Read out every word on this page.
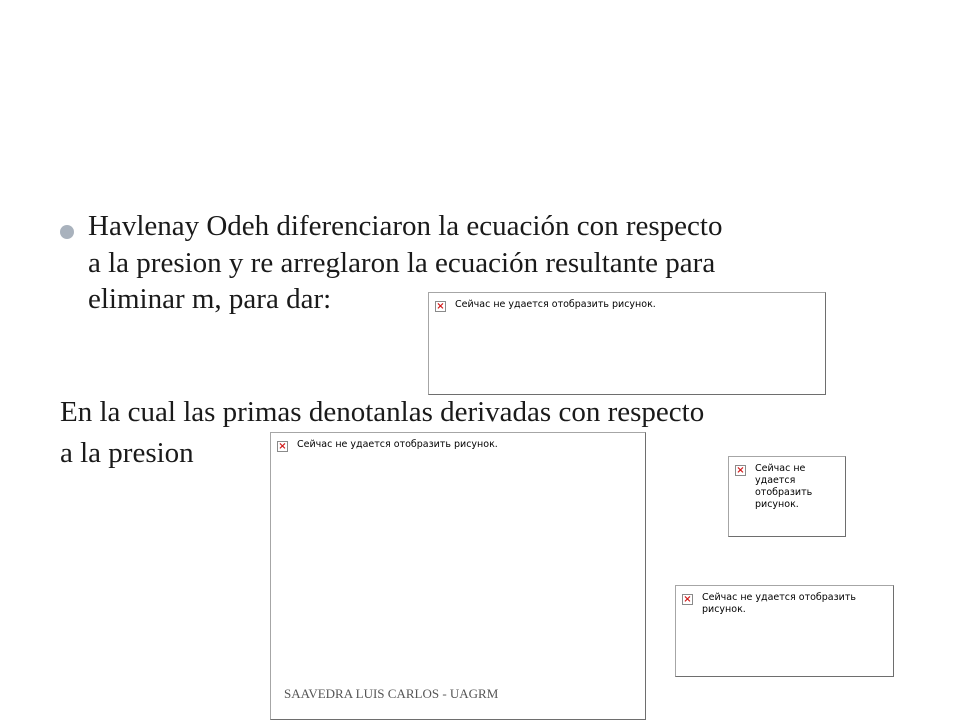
Havlenay Odeh diferenciaron la ecuación con respecto
a la presion y re arreglaron la ecuación resultante para
eliminar m, para dar:
En la cual las primas denotanlas derivadas con respecto
a la presion
× Сейчас не удается отобразить рисунок.
× Сейчас не удается отобразить рисунок.
× Сейчас не удается отобразить рисунок.
× Сейчас не удается отобразить рисунок.
SAAVEDRA LUIS CARLOS - UAGRM
